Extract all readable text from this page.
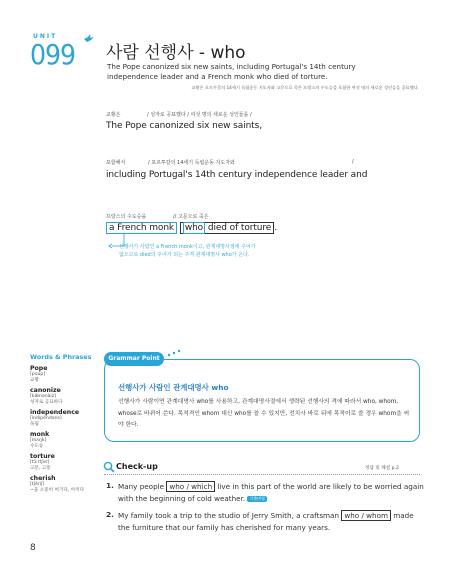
UNIT
099 사람 선행사 - who
The Pope canonized six new saints, including Portugal's 14th century independence leader and a French monk who died of torture.
교황은 포르투갈의 14세기 독립운동 지도자와 고문으로 죽은 프랑스의 수도승을 포함한 여섯 명의 새로운 성인들을 공표했다.
교황은	/ 성자로 공표했다 / 여섯 명의 새로운 성인들을 /
The Pope canonized six new saints,
포함해서	/ 포르투갈의 14세기 독립운동 지도자와	/
including Portugal's 14th century independence leader and
프랑스의 수도승을	// 고문으로 죽은
a French monk who died of torture .
선행사가 사람인 a French monk이고, 관계대명사절에 주어가
없으므로 died의 주어가 되는 주격 관계대명사 who가 온다.
Words & Phrases
Pope
[poup]
교황
canonize
[kǽnənàiz]
성자로 공표하다
independence
[ìndipéndəns]
독립
monk
[mʌŋk]
수도승
torture
[tɔ́ːrtʃər]
고문, 고통
cherish
[tʃériʃ]
~을 소중히 여기다, 아끼다
Grammar Point
선행사가 사람인 관계대명사 who
선행사가 사람이면 관계대명사 who를 사용하고, 관계대명사절에서 생략된 선행사의 격에 따라서 who, whom, whose로 바뀌어 쓴다. 목적격인 whom 대신 who를 쓸 수 있지만, 전치사 바로 뒤에 목적어로 쓸 경우 whom을 써야 한다.
Check-up	정답 및 해설 p.2
1. Many people who / which live in this part of the world are likely to be worried again with the beginning of cold weather. 기출변형
2. My family took a trip to the studio of Jerry Smith, a craftsman who / whom made the furniture that our family has cherished for many years.
8
